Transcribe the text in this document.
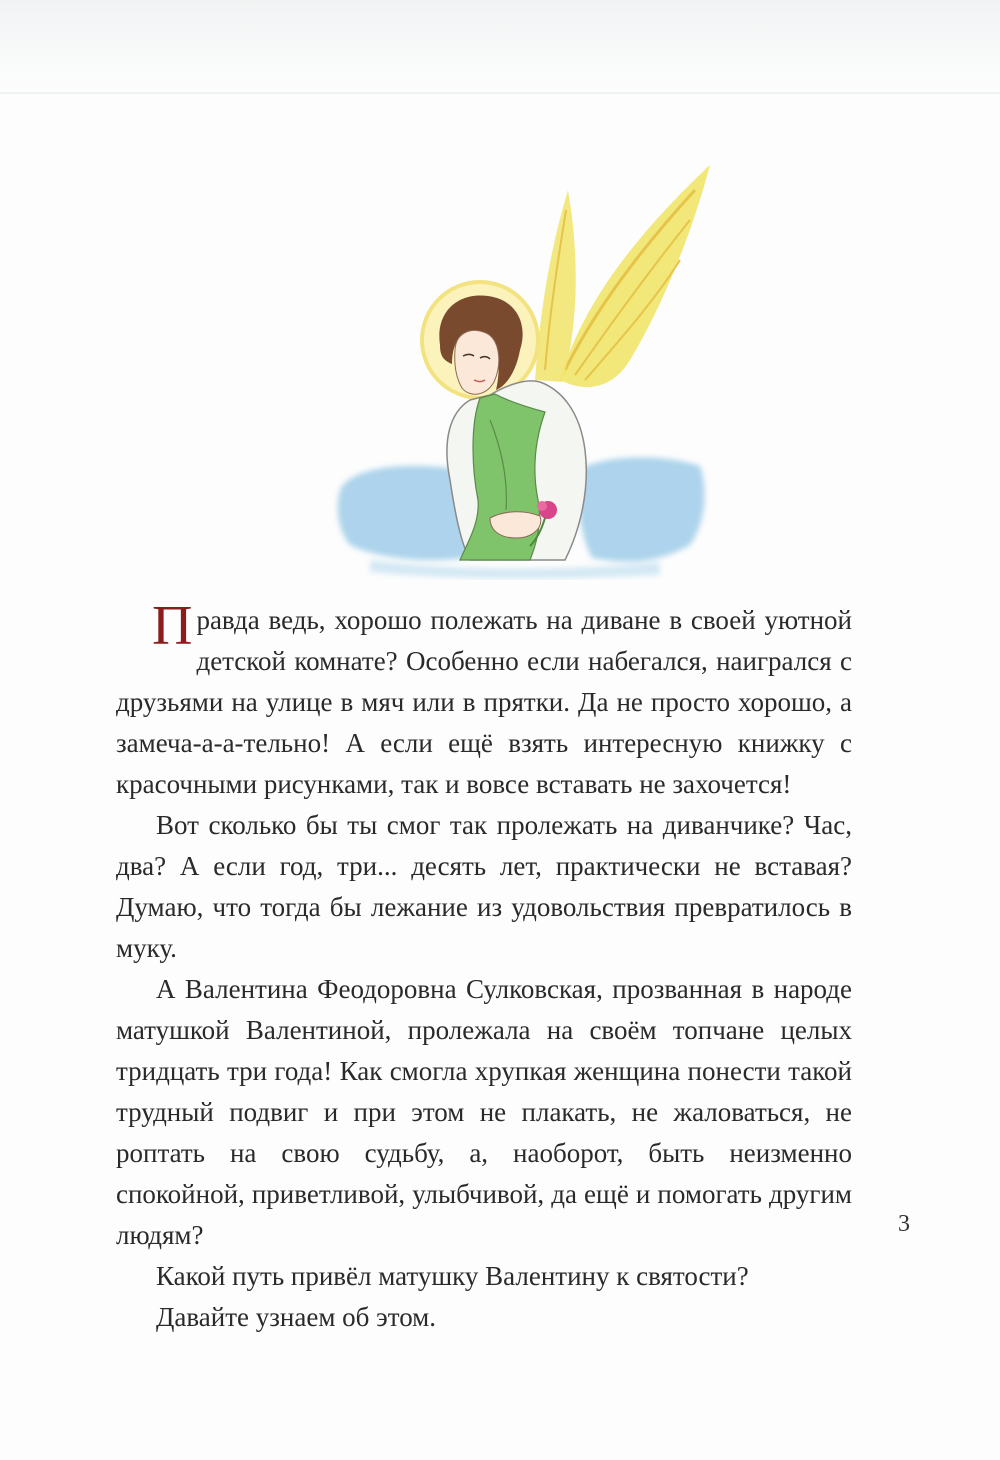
Правда ведь, хорошо полежать на диване в своей уютной детской комнате? Особенно если набегался, наигрался с друзьями на улице в мяч или в прятки. Да не просто хорошо, а замеча-а-а-тельно! А если ещё взять интересную книжку с красочными рисунками, так и вовсе вставать не захочется!

Вот сколько бы ты смог так пролежать на диванчике? Час, два? А если год, три... десять лет, практически не вставая? Думаю, что тогда бы лежание из удовольствия превратилось в муку.

А Валентина Феодоровна Сулковская, прозванная в народе матушкой Валентиной, пролежала на своём топчане целых тридцать три года! Как смогла хрупкая женщина понести такой трудный подвиг и при этом не плакать, не жаловаться, не роптать на свою судьбу, а, наоборот, быть неизменно спокойной, приветливой, улыбчивой, да ещё и помогать другим людям?

Какой путь привёл матушку Валентину к святости?

Давайте узнаем об этом.

3
